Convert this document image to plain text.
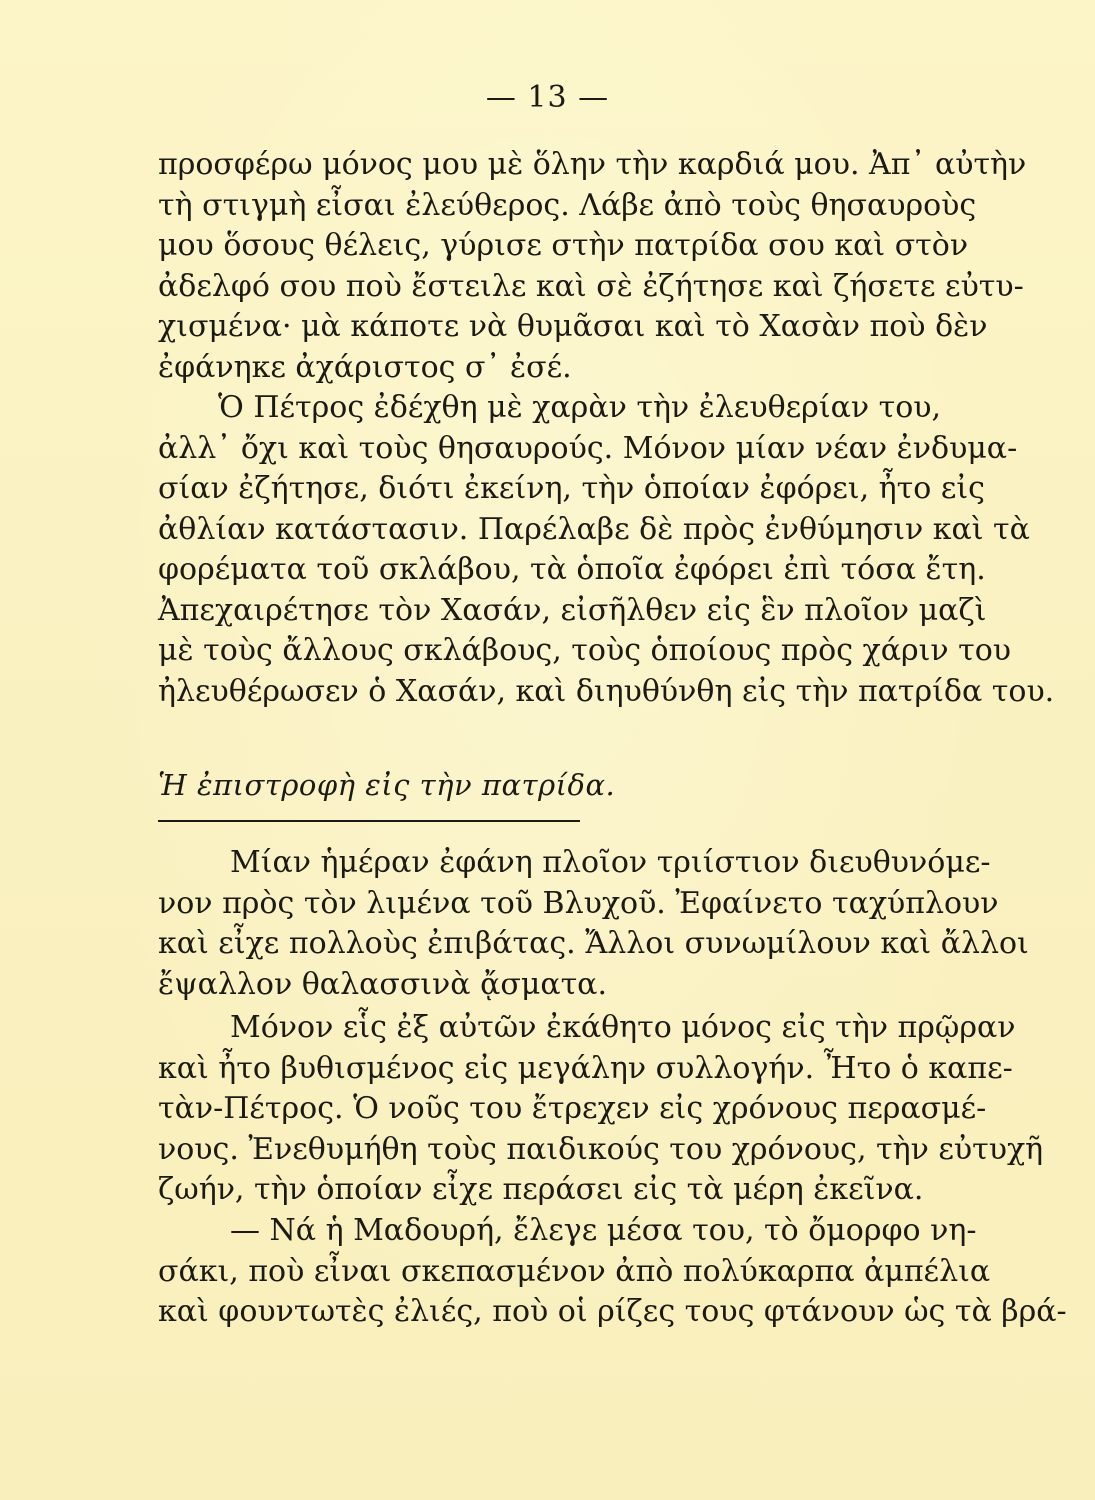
— 13 —
προσφέρω μόνος μου μὲ ὅλην τὴν καρδιά μου. Ἀπ᾽ αὐτὴν
τὴ στιγμὴ εἶσαι ἐλεύθερος. Λάβε ἀπὸ τοὺς θησαυροὺς
μου ὅσους θέλεις, γύρισε στὴν πατρίδα σου καὶ στὸν
ἀδελφό σου ποὺ ἔστειλε καὶ σὲ ἐζήτησε καὶ ζήσετε εὐτυ-
χισμένα· μὰ κάποτε νὰ θυμᾶσαι καὶ τὸ Χασὰν ποὺ δὲν
ἐφάνηκε ἀχάριστος σ᾽ ἐσέ.
Ὁ Πέτρος ἐδέχθη μὲ χαρὰν τὴν ἐλευθερίαν του,
ἀλλ᾽ ὄχι καὶ τοὺς θησαυρούς. Μόνον μίαν νέαν ἐνδυμα-
σίαν ἐζήτησε, διότι ἐκείνη, τὴν ὁποίαν ἐφόρει, ἦτο εἰς
ἀθλίαν κατάστασιν. Παρέλαβε δὲ πρὸς ἐνθύμησιν καὶ τὰ
φορέματα τοῦ σκλάβου, τὰ ὁποῖα ἐφόρει ἐπὶ τόσα ἔτη.
Ἀπεχαιρέτησε τὸν Χασάν, εἰσῆλθεν εἰς ἓν πλοῖον μαζὶ
μὲ τοὺς ἄλλους σκλάβους, τοὺς ὁποίους πρὸς χάριν του
ἠλευθέρωσεν ὁ Χασάν, καὶ διηυθύνθη εἰς τὴν πατρίδα του.
Ἡ ἐπιστροφὴ εἰς τὴν πατρίδα.
Μίαν ἡμέραν ἐφάνη πλοῖον τριίστιον διευθυνόμε-
νον πρὸς τὸν λιμένα τοῦ Βλυχοῦ. Ἐφαίνετο ταχύπλουν
καὶ εἶχε πολλοὺς ἐπιβάτας. Ἄλλοι συνωμίλουν καὶ ἄλλοι
ἔψαλλον θαλασσινὰ ᾄσματα.
Μόνον εἷς ἐξ αὐτῶν ἐκάθητο μόνος εἰς τὴν πρῷραν
καὶ ἦτο βυθισμένος εἰς μεγάλην συλλογήν. Ἦτο ὁ καπε-
τὰν-Πέτρος. Ὁ νοῦς του ἔτρεχεν εἰς χρόνους περασμέ-
νους. Ἐνεθυμήθη τοὺς παιδικούς του χρόνους, τὴν εὐτυχῆ
ζωήν, τὴν ὁποίαν εἶχε περάσει εἰς τὰ μέρη ἐκεῖνα.
— Νά ἡ Μαδουρή, ἔλεγε μέσα του, τὸ ὄμορφο νη-
σάκι, ποὺ εἶναι σκεπασμένον ἀπὸ πολύκαρπα ἀμπέλια
καὶ φουντωτὲς ἐλιές, ποὺ οἱ ρίζες τους φτάνουν ὡς τὰ βρά-
